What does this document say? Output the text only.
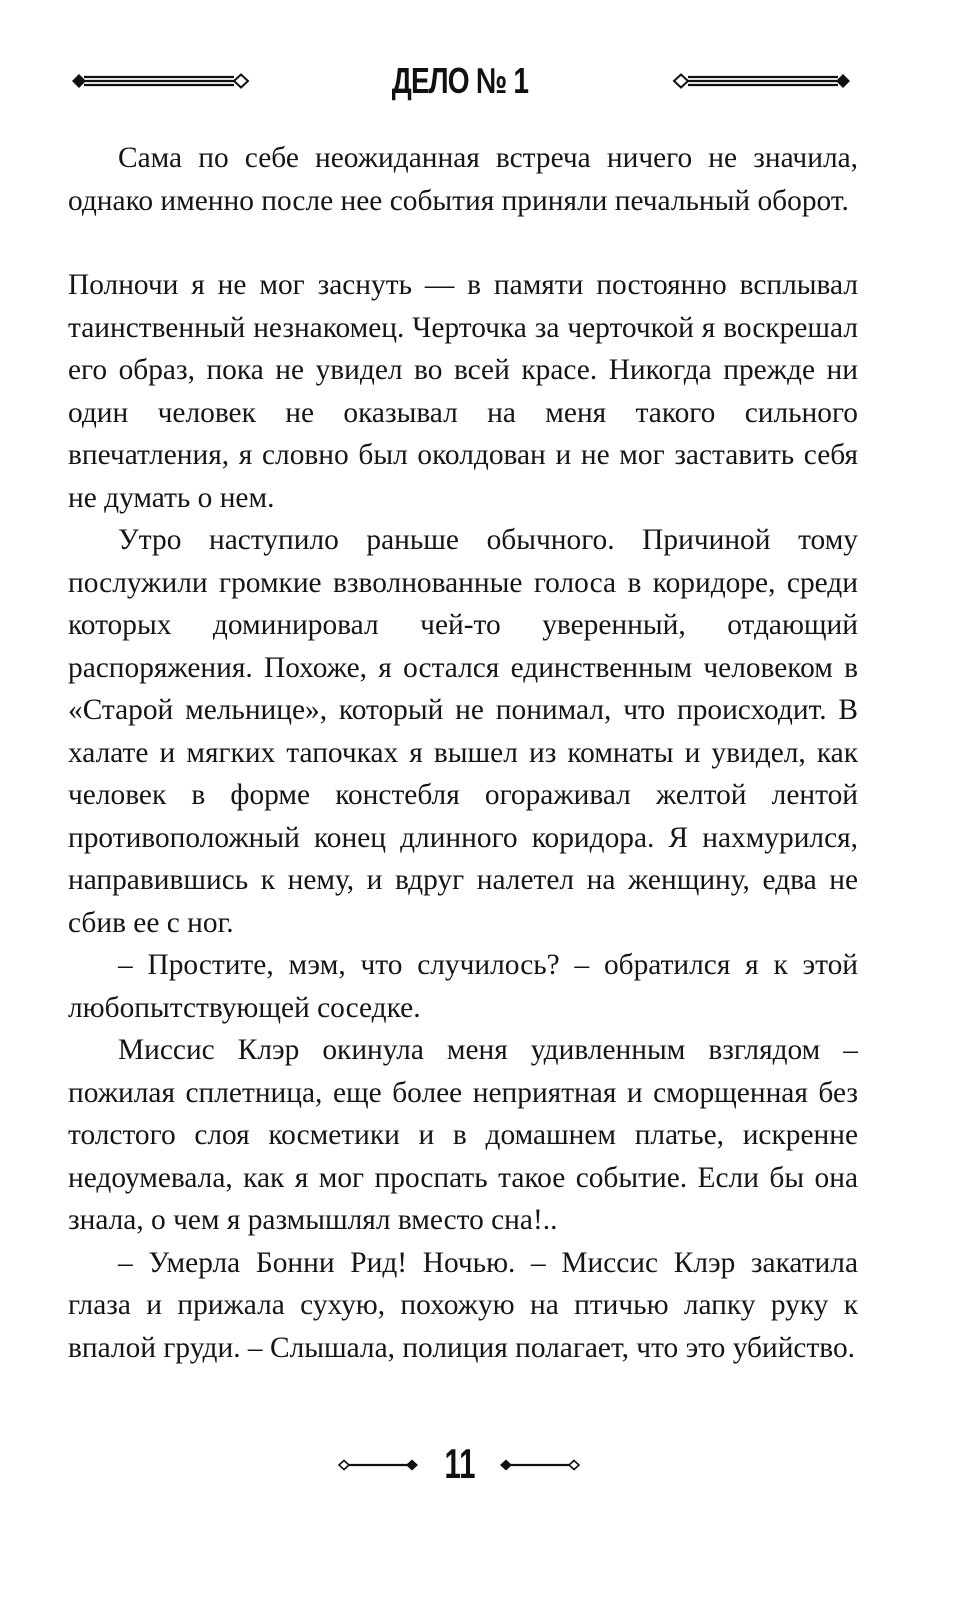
ДЕЛО № 1

Сама по себе неожиданная встреча ничего не значила, однако именно после нее события приняли печальный оборот.

Полночи я не мог заснуть — в памяти постоянно всплывал таинственный незнакомец. Черточка за черточкой я воскрешал его образ, пока не увидел во всей красе. Никогда прежде ни один человек не оказывал на меня такого сильного впечатления, я словно был околдован и не мог заставить себя не думать о нем.

Утро наступило раньше обычного. Причиной тому послужили громкие взволнованные голоса в коридоре, среди которых доминировал чей-то уверенный, отдающий распоряжения. Похоже, я остался единственным человеком в «Старой мельнице», который не понимал, что происходит. В халате и мягких тапочках я вышел из комнаты и увидел, как человек в форме констебля огораживал желтой лентой противоположный конец длинного коридора. Я нахмурился, направившись к нему, и вдруг налетел на женщину, едва не сбив ее с ног.

– Простите, мэм, что случилось? – обратился я к этой любопытствующей соседке.

Миссис Клэр окинула меня удивленным взглядом – пожилая сплетница, еще более неприятная и сморщенная без толстого слоя косметики и в домашнем платье, искренне недоумевала, как я мог проспать такое событие. Если бы она знала, о чем я размышлял вместо сна!..

– Умерла Бонни Рид! Ночью. – Миссис Клэр закатила глаза и прижала сухую, похожую на птичью лапку руку к впалой груди. – Слышала, полиция полагает, что это убийство.

11
